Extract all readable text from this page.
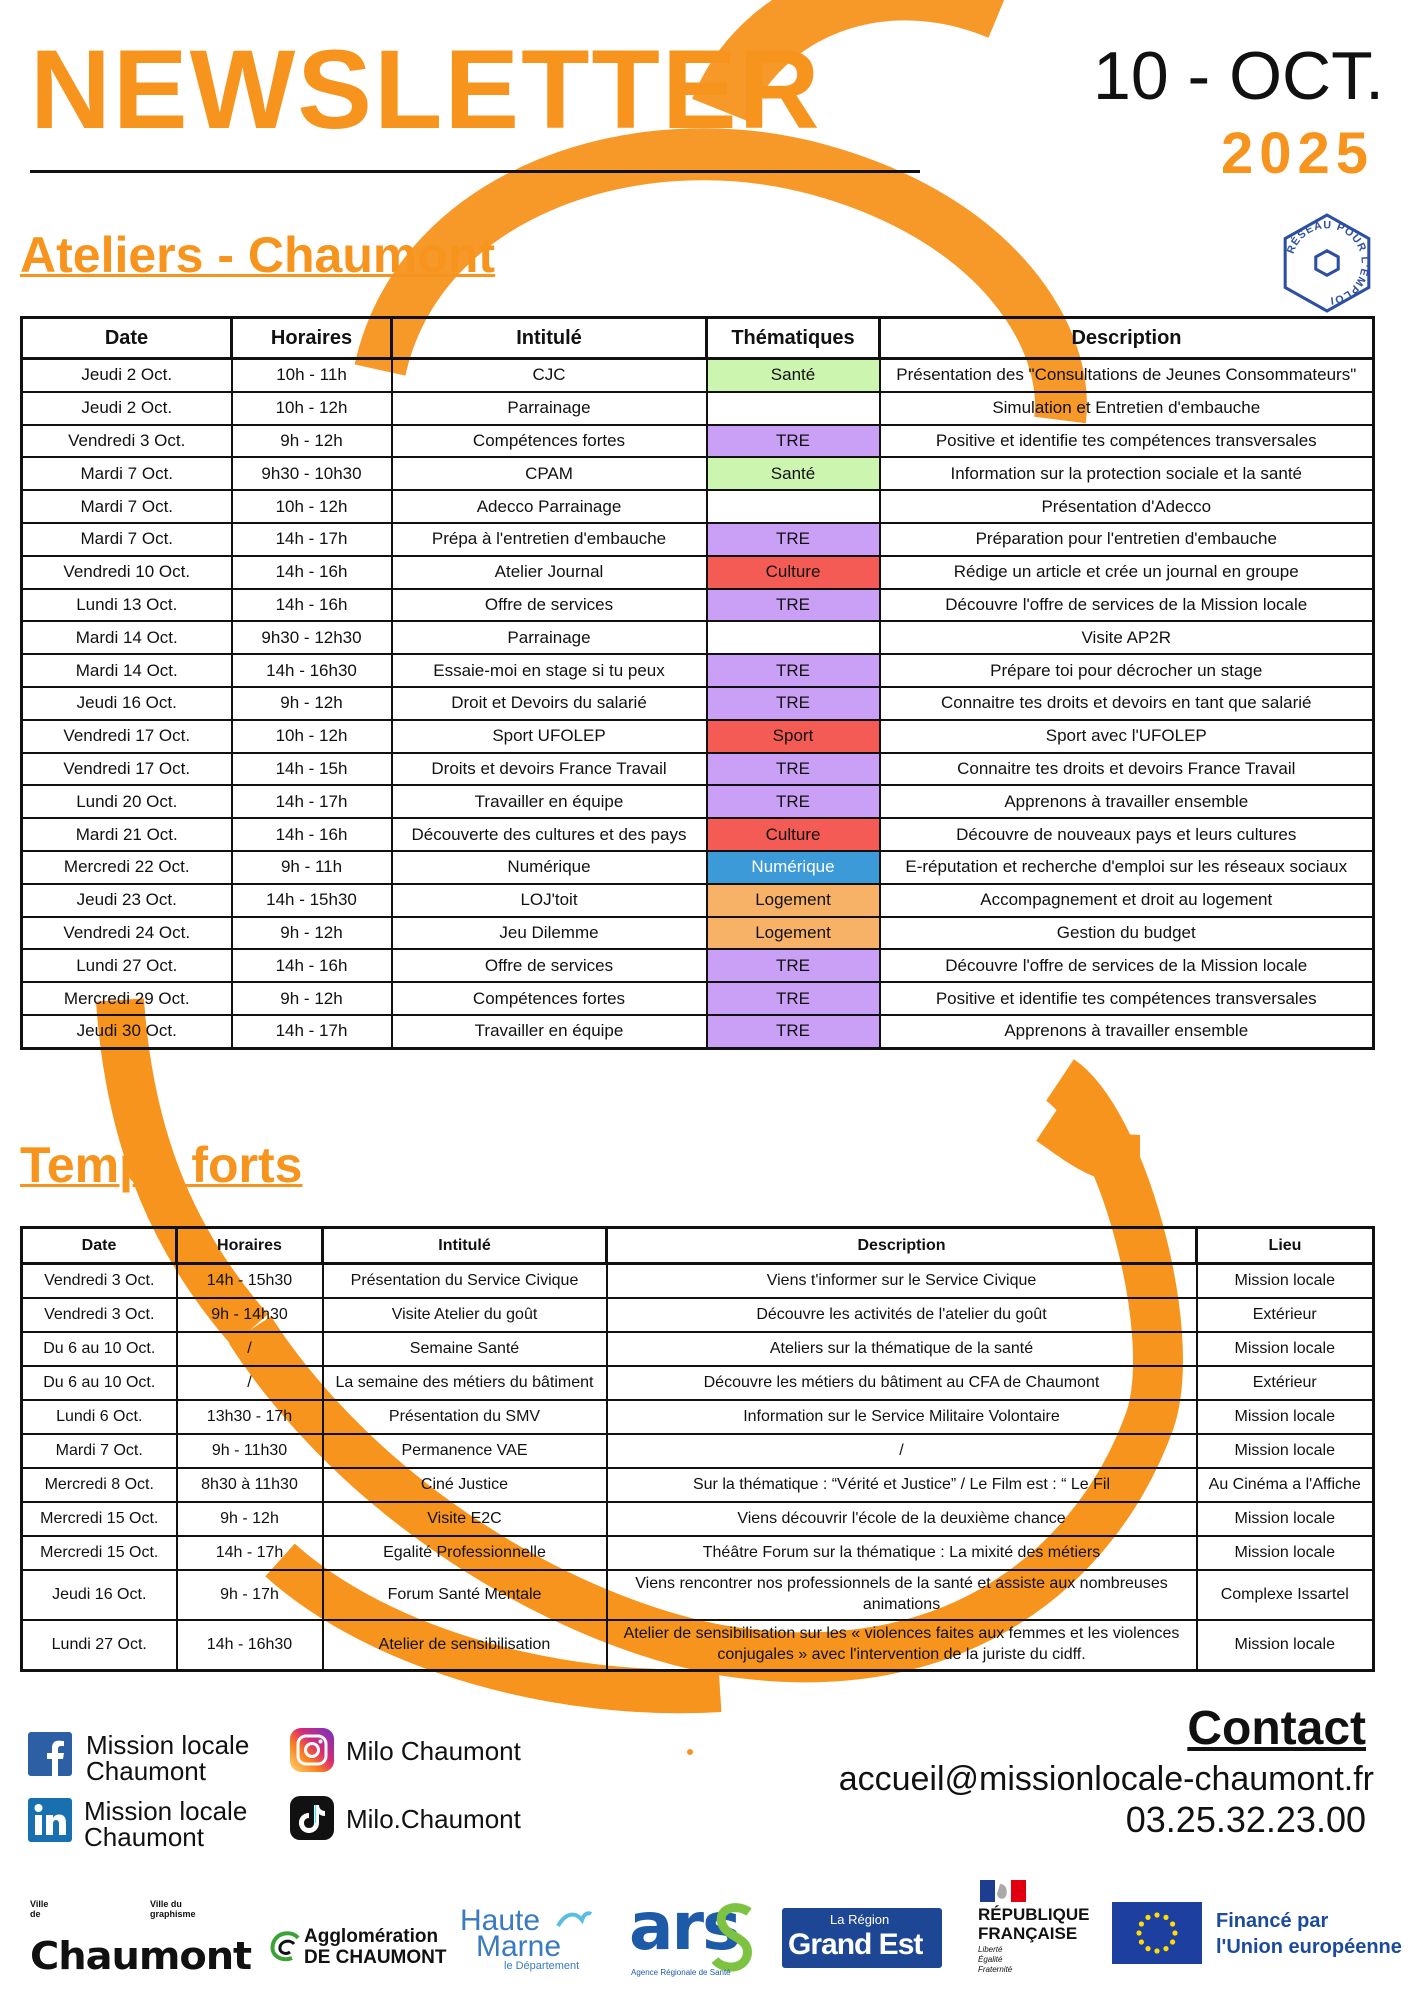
NEWSLETTER	10 - OCT.
2025
RÉSEAU POUR L'EMPLOI
Ateliers - Chaumont
Date	Horaires	Intitulé	Thématiques	Description
Jeudi 2 Oct.	10h - 11h	CJC	Santé	Présentation des "Consultations de Jeunes Consommateurs"
Jeudi 2 Oct.	10h - 12h	Parrainage		Simulation et Entretien d'embauche
Vendredi 3 Oct.	9h - 12h	Compétences fortes	TRE	Positive et identifie tes compétences transversales
Mardi 7 Oct.	9h30 - 10h30	CPAM	Santé	Information sur la protection sociale et la santé
Mardi 7 Oct.	10h - 12h	Adecco Parrainage		Présentation d'Adecco
Mardi 7 Oct.	14h - 17h	Prépa à l'entretien d'embauche	TRE	Préparation pour l'entretien d'embauche
Vendredi 10 Oct.	14h - 16h	Atelier Journal	Culture	Rédige un article et crée un journal en groupe
Lundi 13 Oct.	14h - 16h	Offre de services	TRE	Découvre l'offre de services de la Mission locale
Mardi 14 Oct.	9h30 - 12h30	Parrainage		Visite AP2R
Mardi 14 Oct.	14h - 16h30	Essaie-moi en stage si tu peux	TRE	Prépare toi pour décrocher un stage
Jeudi 16 Oct.	9h - 12h	Droit et Devoirs du salarié	TRE	Connaitre tes droits et devoirs en tant que salarié
Vendredi 17 Oct.	10h - 12h	Sport UFOLEP	Sport	Sport avec l'UFOLEP
Vendredi 17 Oct.	14h - 15h	Droits et devoirs France Travail	TRE	Connaitre tes droits et devoirs France Travail
Lundi 20 Oct.	14h - 17h	Travailler en équipe	TRE	Apprenons à travailler ensemble
Mardi 21 Oct.	14h - 16h	Découverte des cultures et des pays	Culture	Découvre de nouveaux pays et leurs cultures
Mercredi 22 Oct.	9h - 11h	Numérique	Numérique	E-réputation et recherche d'emploi sur les réseaux sociaux
Jeudi 23 Oct.	14h - 15h30	LOJ'toit	Logement	Accompagnement et droit au logement
Vendredi 24 Oct.	9h - 12h	Jeu Dilemme	Logement	Gestion du budget
Lundi 27 Oct.	14h - 16h	Offre de services	TRE	Découvre l'offre de services de la Mission locale
Mercredi 29 Oct.	9h - 12h	Compétences fortes	TRE	Positive et identifie tes compétences transversales
Jeudi 30 Oct.	14h - 17h	Travailler en équipe	TRE	Apprenons à travailler ensemble
Temps forts
Date	Horaires	Intitulé	Description	Lieu
Vendredi 3 Oct.	14h - 15h30	Présentation du Service Civique	Viens t'informer sur le Service Civique	Mission locale
Vendredi 3 Oct.	9h - 14h30	Visite Atelier du goût	Découvre les activités de l'atelier du goût	Extérieur
Du 6 au 10 Oct.	/	Semaine Santé	Ateliers sur la thématique de la santé	Mission locale
Du 6 au 10 Oct.	/	La semaine des métiers du bâtiment	Découvre les métiers du bâtiment au CFA de Chaumont	Extérieur
Lundi 6 Oct.	13h30 - 17h	Présentation du SMV	Information sur le Service Militaire Volontaire	Mission locale
Mardi 7 Oct.	9h - 11h30	Permanence VAE	/	Mission locale
Mercredi 8 Oct.	8h30 à 11h30	Ciné Justice	Sur la thématique : “Vérité et Justice” / Le Film est : “ Le Fil	Au Cinéma a l'Affiche
Mercredi 15 Oct.	9h - 12h	Visite E2C	Viens découvrir l'école de la deuxième chance	Mission locale
Mercredi 15 Oct.	14h - 17h	Egalité Professionnelle	Théâtre Forum sur la thématique : La mixité des métiers	Mission locale
Jeudi 16 Oct.	9h - 17h	Forum Santé Mentale	Viens rencontrer nos professionnels de la santé et assiste aux nombreuses animations	Complexe Issartel
Lundi 27 Oct.	14h - 16h30	Atelier de sensibilisation	Atelier de sensibilisation sur les « violences faites aux femmes et les violences conjugales » avec l'intervention de la juriste du cidff.	Mission locale
Mission locale Chaumont
Mission locale Chaumont
Milo Chaumont
Milo.Chaumont
Contact
accueil@missionlocale-chaumont.fr
03.25.32.23.00
Ville de
Ville du graphisme
Chaumont	Agglomération
DE CHAUMONT
Haute
Marne
le Département
ars
Agence Régionale de Santé
La Région
Grand Est
RÉPUBLIQUE
FRANÇAISE
Liberté
Égalité
Fraternité
Financé par
l'Union européenne
